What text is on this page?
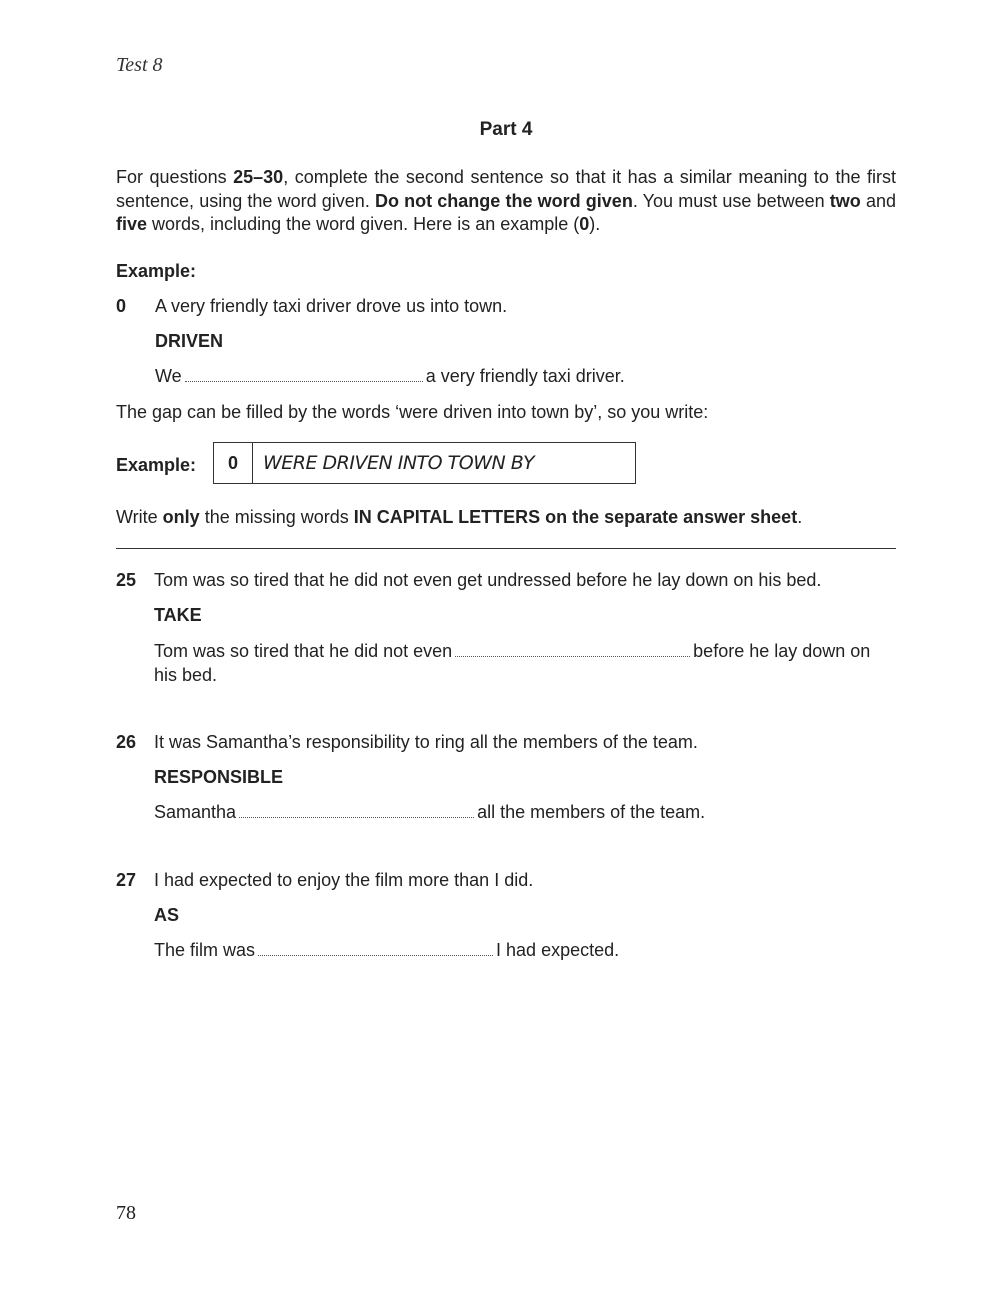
Test 8
Part 4
For questions 25–30, complete the second sentence so that it has a similar meaning to the first sentence, using the word given. Do not change the word given. You must use between two and five words, including the word given. Here is an example (0).
Example:
0 A very friendly taxi driver drove us into town.
DRIVEN
We	a very friendly taxi driver.
The gap can be filled by the words ‘were driven into town by’, so you write:
Example:	0	WERE DRIVEN INTO TOWN BY
Write only the missing words IN CAPITAL LETTERS on the separate answer sheet.
25 Tom was so tired that he did not even get undressed before he lay down on his bed.
TAKE
Tom was so tired that he did not even	before he lay down on
his bed.
26 It was Samantha’s responsibility to ring all the members of the team.
RESPONSIBLE
Samantha	all the members of the team.
27 I had expected to enjoy the film more than I did.
AS
The film was	I had expected.
78
